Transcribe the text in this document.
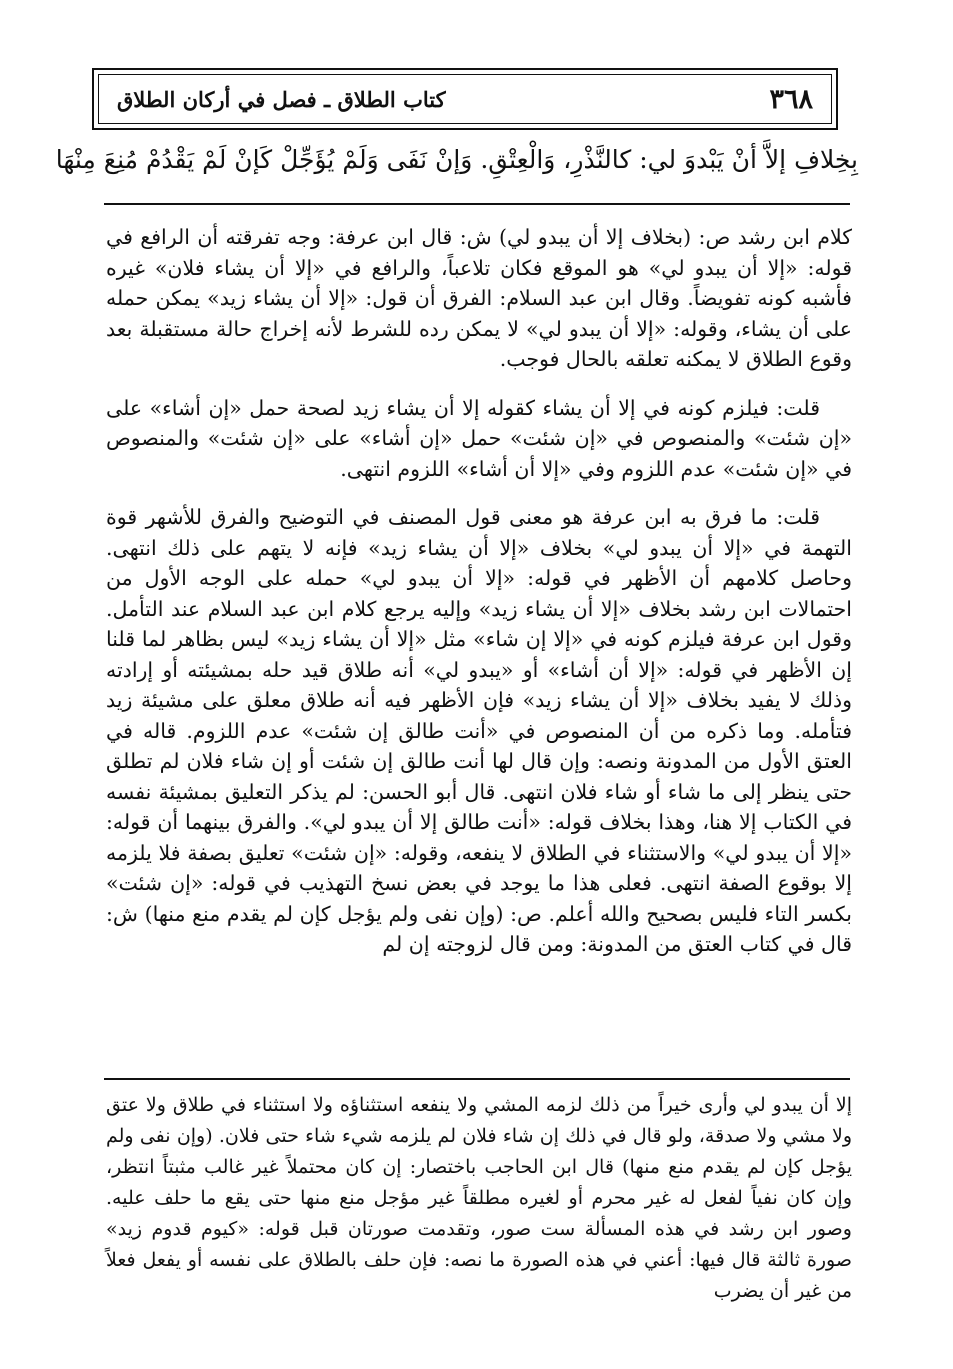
كتاب الطلاق ـ فصل في أركان الطلاق	٣٦٨
بِخِلافِ إلاَّ أنْ يَبْدوَ لي: كالنَّذْرِ، وَالْعِتْقِ. وَإنْ نَفَى وَلَمْ يُؤَجِّلْ كَإنْ لَمْ يَقْدُمْ مُنِعَ مِنْهَا

كلام ابن رشد ص: (بخلاف إلا أن يبدو لي) ش: قال ابن عرفة: وجه تفرقته أن الرافع في قوله: «إلا أن يبدو لي» هو الموقع فكان تلاعباً، والرافع في «إلا أن يشاء فلان» غيره فأشبه كونه تفويضاً. وقال ابن عبد السلام: الفرق أن قول: «إلا أن يشاء زيد» يمكن حمله على أن يشاء، وقوله: «إلا أن يبدو لي» لا يمكن رده للشرط لأنه إخراج حالة مستقبلة بعد وقوع الطلاق لا يمكنه تعلقه بالحال فوجب.

قلت: فيلزم كونه في إلا أن يشاء كقوله إلا أن يشاء زيد لصحة حمل «إن أشاء» على «إن شئت» والمنصوص في «إن شئت» حمل «إن أشاء» على «إن شئت» والمنصوص في «إن شئت» عدم اللزوم وفي «إلا أن أشاء» اللزوم انتهى.

قلت: ما فرق به ابن عرفة هو معنى قول المصنف في التوضيح والفرق للأشهر قوة التهمة في «إلا أن يبدو لي» بخلاف «إلا أن يشاء زيد» فإنه لا يتهم على ذلك انتهى. وحاصل كلامهم أن الأظهر في قوله: «إلا أن يبدو لي» حمله على الوجه الأول من احتمالات ابن رشد بخلاف «إلا أن يشاء زيد» وإليه يرجع كلام ابن عبد السلام عند التأمل. وقول ابن عرفة فيلزم كونه في «إلا إن شاء» مثل «إلا أن يشاء زيد» ليس بظاهر لما قلنا إن الأظهر في قوله: «إلا أن أشاء» أو «يبدو لي» أنه طلاق قيد حله بمشيئته أو إرادته وذلك لا يفيد بخلاف «إلا أن يشاء زيد» فإن الأظهر فيه أنه طلاق معلق على مشيئة زيد فتأمله. وما ذكره من أن المنصوص في «أنت طالق إن شئت» عدم اللزوم. قاله في العتق الأول من المدونة ونصه: وإن قال لها أنت طالق إن شئت أو إن شاء فلان لم تطلق حتى ينظر إلى ما شاء أو شاء فلان انتهى. قال أبو الحسن: لم يذكر التعليق بمشيئة نفسه في الكتاب إلا هنا، وهذا بخلاف قوله: «أنت طالق إلا أن يبدو لي». والفرق بينهما أن قوله: «إلا أن يبدو لي» والاستثناء في الطلاق لا ينفعه، وقوله: «إن شئت» تعليق بصفة فلا يلزمه إلا بوقوع الصفة انتهى. فعلى هذا ما يوجد في بعض نسخ التهذيب في قوله: «إن شئت» بكسر التاء فليس بصحيح والله أعلم. ص: (وإن نفى ولم يؤجل كإن لم يقدم منع منها) ش: قال في كتاب العتق من المدونة: ومن قال لزوجته إن لم

إلا أن يبدو لي وأرى خيراً من ذلك لزمه المشي ولا ينفعه استثناؤه ولا استثناء في طلاق ولا عتق ولا مشي ولا صدقة، ولو قال في ذلك إن شاء فلان لم يلزمه شيء شاء حتى فلان. (وإن نفى ولم يؤجل كإن لم يقدم منع منها) قال ابن الحاجب باختصار: إن كان محتملاً غير غالب مثبتاً انتظر، وإن كان نفياً لفعل له غير محرم أو لغيره مطلقاً غير مؤجل منع منها حتى يقع ما حلف عليه. وصور ابن رشد في هذه المسألة ست صور، وتقدمت صورتان قبل قوله: «كيوم قدوم زيد» صورة ثالثة قال فيها: أعني في هذه الصورة ما نصه: فإن حلف بالطلاق على نفسه أو يفعل فعلاً من غير أن يضرب
